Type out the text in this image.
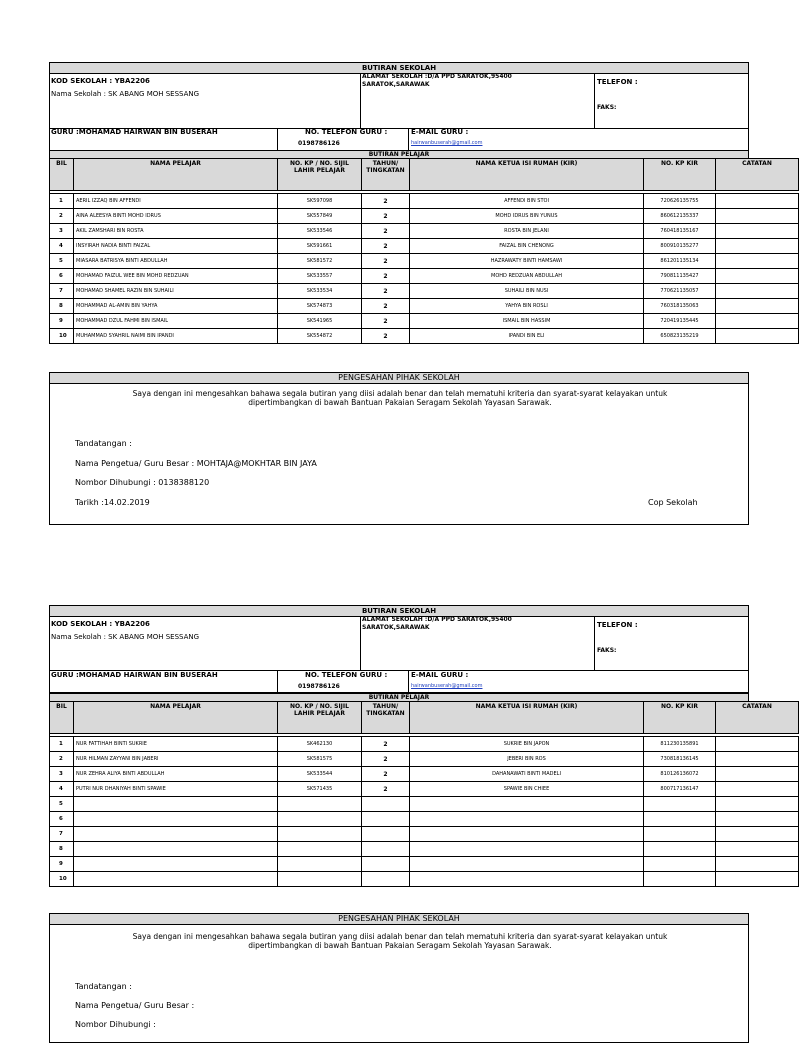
BUTIRAN SEKOLAH
KOD SEKOLAH : YBA2206
Nama Sekolah : SK ABANG MOH SESSANG
ALAMAT SEKOLAH :D/A PPD SARATOK,95400
SARATOK,SARAWAK	TELEFON :
FAKS:
GURU :MOHAMAD HAIRWAN BIN BUSERAH	NO. TELEFON GURU :
0198786126
E-MAIL GURU :
hairwanbuserah@gmail.com
BUTIRAN PELAJAR
BIL	NAMA PELAJAR	NO. KP / NO. SIJIL LAHIR PELAJAR	TAHUN/ TINGKATAN	NAMA KETUA ISI RUMAH (KIR)	NO. KP KIR	CATATAN

1	AERIL IZZAQ BIN AFFENDI	SK597098	2	AFFENDI BIN STOI	720626135755	
2	AINA ALEESYA BINTI MOHD IDRUS	SK557849	2	MOHD IDRUS BIN YUNUS	860612135337	
3	AKIL ZAMSHARI BIN ROSTA	SK533546	2	ROSTA BIN JELANI	760418135167	
4	INSYIRAH NADIA BINTI FAIZAL	SK591661	2	FAIZAL BIN CHENONG	800910135277	
5	MIASARA BATRISYA BINTI ABDULLAH	SK581572	2	HAZRAWATY BINTI HAMSAWI	861201135134	
6	MOHAMAD FAIZUL WEE BIN MOHD REDZUAN	SK533557	2	MOHD REDZUAN ABDULLAH	790811135427	
7	MOHAMAD SHAMEL RAZIN BIN SUHAILI	SK533534	2	SUHAILI BIN NUSI	770621135057	
8	MOHAMMAD AL-AMIN BIN YAHYA	SK574873	2	YAHYA BIN ROSLI	760318135063	
9	MOHAMMAD DZUL FAHMI BIN ISMAIL	SK541965	2	ISMAIL BIN HASSIM	720419135445	
10	MUHAMMAD SYAHRIL NAIMI BIN IPANDI	SK554872	2	IPANDI BIN ELI	650823135219	
PENGESAHAN PIHAK SEKOLAH
Saya dengan ini mengesahkan bahawa segala butiran yang diisi adalah benar dan telah mematuhi kriteria dan syarat-syarat kelayakan untuk
dipertimbangkan di bawah Bantuan Pakaian Seragam Sekolah Yayasan Sarawak.
Tandatangan :
Nama Pengetua/ Guru Besar : MOHTAJA@MOKHTAR BIN JAYA
Nombor Dihubungi : 0138388120
Tarikh :14.02.2019	Cop Sekolah
BUTIRAN SEKOLAH
KOD SEKOLAH : YBA2206
Nama Sekolah : SK ABANG MOH SESSANG
ALAMAT SEKOLAH :D/A PPD SARATOK,95400
SARATOK,SARAWAK	TELEFON :
FAKS:
GURU :MOHAMAD HAIRWAN BIN BUSERAH	NO. TELEFON GURU :
0198786126
E-MAIL GURU :
hairwanbuserah@gmail.com
BUTIRAN PELAJAR
BIL	NAMA PELAJAR	NO. KP / NO. SIJIL LAHIR PELAJAR	TAHUN/ TINGKATAN	NAMA KETUA ISI RUMAH (KIR)	NO. KP KIR	CATATAN

1	NUR FATTIHAH BINTI SUKRIE	SK462130	2	SUKRIE BIN JAPON	811230135891	
2	NUR HILMAN ZAYYANI BIN JABERI	SK581575	2	JEBERI BIN ROS	730818136145	
3	NUR ZEHRA ALIYA BINTI ABDULLAH	SK533544	2	DAHANAWATI BINTI MADELI	810126136072	
4	PUTRI NUR DHANIYAH BINTI SPAWIE	SK571435	2	SPAWIE BIN CHIEE	800717136147	
5						
6						
7						
8						
9						
10						
PENGESAHAN PIHAK SEKOLAH
Saya dengan ini mengesahkan bahawa segala butiran yang diisi adalah benar dan telah mematuhi kriteria dan syarat-syarat kelayakan untuk
dipertimbangkan di bawah Bantuan Pakaian Seragam Sekolah Yayasan Sarawak.
Tandatangan :
Nama Pengetua/ Guru Besar :
Nombor Dihubungi :
